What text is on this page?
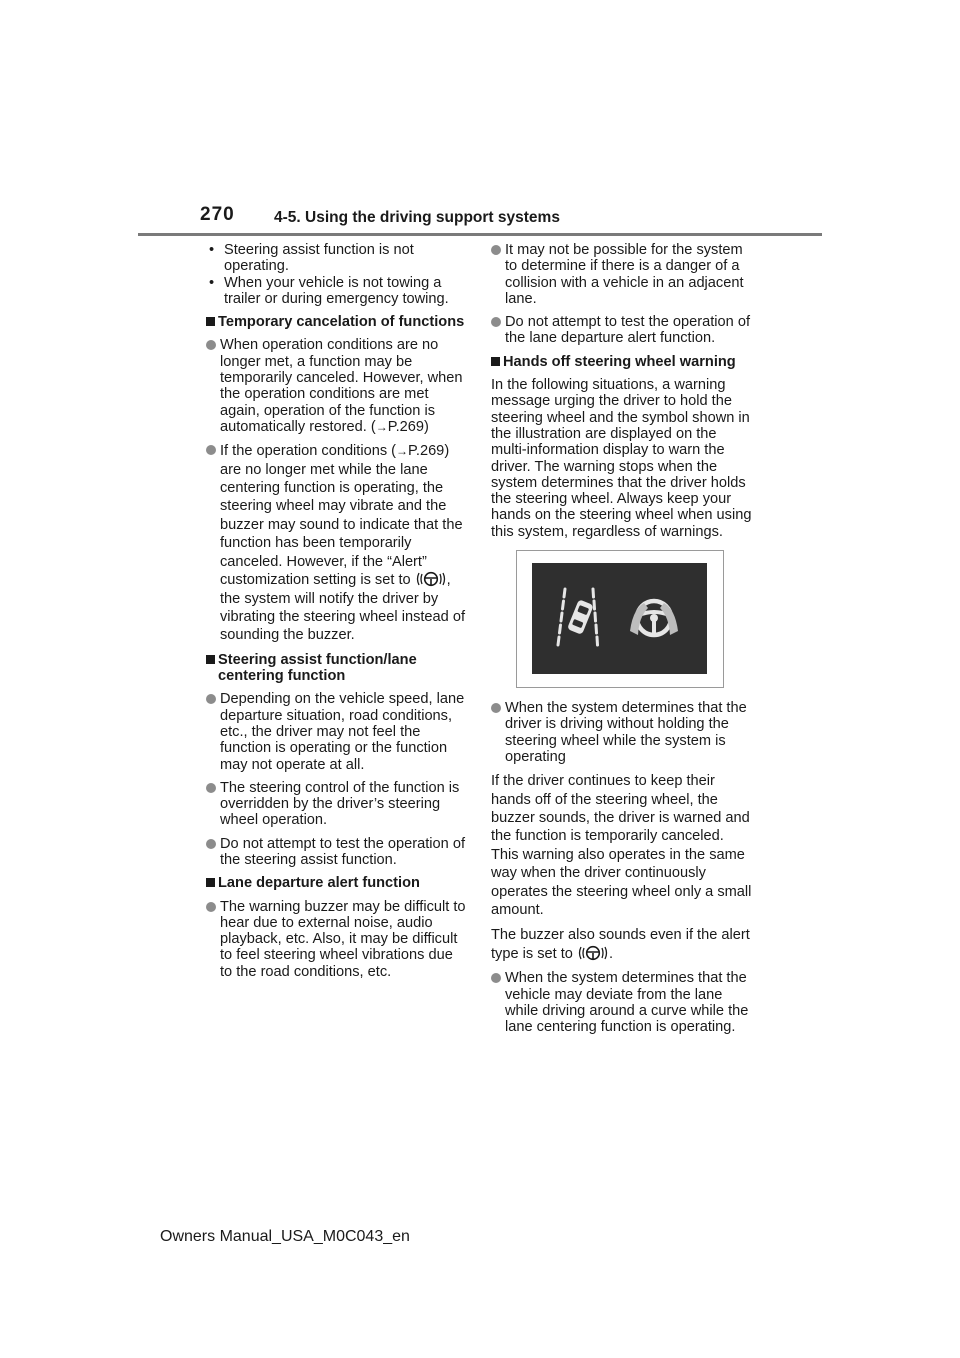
270	4-5. Using the driving support systems
• Steering assist function is not operating.
• When your vehicle is not towing a trailer or during emergency towing.
Temporary cancelation of functions
When operation conditions are no longer met, a function may be temporarily canceled. However, when the operation conditions are met again, operation of the function is automatically restored. (→P.269)
If the operation conditions (→P.269) are no longer met while the lane centering function is operating, the steering wheel may vibrate and the buzzer may sound to indicate that the function has been temporarily canceled. However, if the “Alert” customization setting is set to , the system will notify the driver by vibrating the steering wheel instead of sounding the buzzer.
Steering assist function/lane centering function
Depending on the vehicle speed, lane departure situation, road conditions, etc., the driver may not feel the function is operating or the function may not operate at all.
The steering control of the function is overridden by the driver’s steering wheel operation.
Do not attempt to test the operation of the steering assist function.
Lane departure alert function
The warning buzzer may be difficult to hear due to external noise, audio playback, etc. Also, it may be difficult to feel steering wheel vibrations due to the road conditions, etc.
It may not be possible for the system to determine if there is a danger of a collision with a vehicle in an adjacent lane.
Do not attempt to test the operation of the lane departure alert function.
Hands off steering wheel warning

In the following situations, a warning message urging the driver to hold the steering wheel and the symbol shown in the illustration are displayed on the multi-information display to warn the driver. The warning stops when the system determines that the driver holds the steering wheel. Always keep your hands on the steering wheel when using this system, regardless of warnings.

When the system determines that the driver is driving without holding the steering wheel while the system is operating

If the driver continues to keep their hands off of the steering wheel, the buzzer sounds, the driver is warned and the function is temporarily canceled. This warning also operates in the same way when the driver continuously operates the steering wheel only a small amount.

The buzzer also sounds even if the alert type is set to .

When the system determines that the vehicle may deviate from the lane while driving around a curve while the lane centering function is operating.
Owners Manual_USA_M0C043_en
